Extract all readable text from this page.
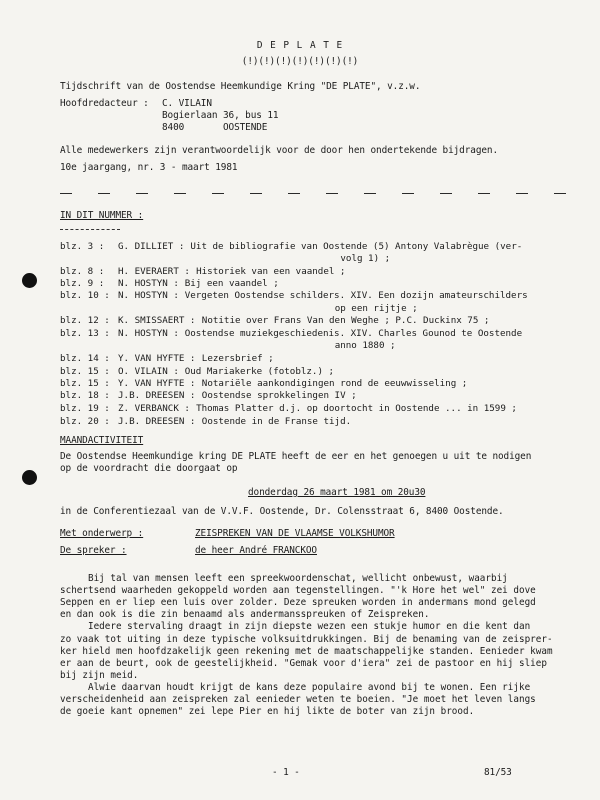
D E P L A T E
(!)(!)(!)(!)(!)(!)(!)
Tijdschrift van de Oostendse Heemkundige Kring "DE PLATE", v.z.w.
Hoofdredacteur : C. VILAIN
Bogierlaan 36, bus 11
8400	OOSTENDE
Alle medewerkers zijn verantwoordelijk voor de door hen ondertekende bijdragen.
10e jaargang, nr. 3 - maart 1981
IN DIT NUMMER :
blz. 3 : G. DILLIET : Uit de bibliografie van Oostende (5) Antony Valabrègue (ver-
volg 1) ;
blz. 8 : H. EVERAERT : Historiek van een vaandel ;
blz. 9 : N. HOSTYN : Bij een vaandel ;
blz. 10 : N. HOSTYN : Vergeten Oostendse schilders. XIV. Een dozijn amateurschilders
op een rijtje ;
blz. 12 : K. SMISSAERT : Notitie over Frans Van den Weghe ; P.C. Duckinx 75 ;
blz. 13 : N. HOSTYN : Oostendse muziekgeschiedenis. XIV. Charles Gounod te Oostende
anno 1880 ;
blz. 14 : Y. VAN HYFTE : Lezersbrief ;
blz. 15 : O. VILAIN : Oud Mariakerke (fotoblz.) ;
blz. 15 : Y. VAN HYFTE : Notariële aankondigingen rond de eeuwwisseling ;
blz. 18 : J.B. DREESEN : Oostendse sprokkelingen IV ;
blz. 19 : Z. VERBANCK : Thomas Platter d.j. op doortocht in Oostende ... in 1599 ;
blz. 20 : J.B. DREESEN : Oostende in de Franse tijd.
MAANDACTIVITEIT
De Oostendse Heemkundige kring DE PLATE heeft de eer en het genoegen u uit te nodigen
op de voordracht die doorgaat op
donderdag 26 maart 1981 om 20u30
in de Conferentiezaal van de V.V.F. Oostende, Dr. Colensstraat 6, 8400 Oostende.
Met onderwerp :	ZEISPREKEN VAN DE VLAAMSE VOLKSHUMOR
De spreker :	de heer André FRANCKOO
Bij tal van mensen leeft een spreekwoordenschat, wellicht onbewust, waarbij
schertsend waarheden gekoppeld worden aan tegenstellingen. "'k Hore het wel" zei dove
Seppen en er liep een luis over zolder. Deze spreuken worden in andermans mond gelegd
en dan ook is die zin benaamd als andermansspreuken of Zeispreken.
Iedere stervaling draagt in zijn diepste wezen een stukje humor en die kent dan
zo vaak tot uiting in deze typische volksuitdrukkingen. Bij de benaming van de zeisprer-
ker hield men hoofdzakelijk geen rekening met de maatschappelijke standen. Eenieder kwam
er aan de beurt, ook de geestelijkheid. "Gemak voor d'iera" zei de pastoor en hij sliep
bij zijn meid.
Alwie daarvan houdt krijgt de kans deze populaire avond bij te wonen. Een rijke
verscheidenheid aan zeispreken zal eenieder weten te boeien. "Je moet het leven langs
de goeie kant opnemen" zei lepe Pier en hij likte de boter van zijn brood.
- 1 -	81/53
